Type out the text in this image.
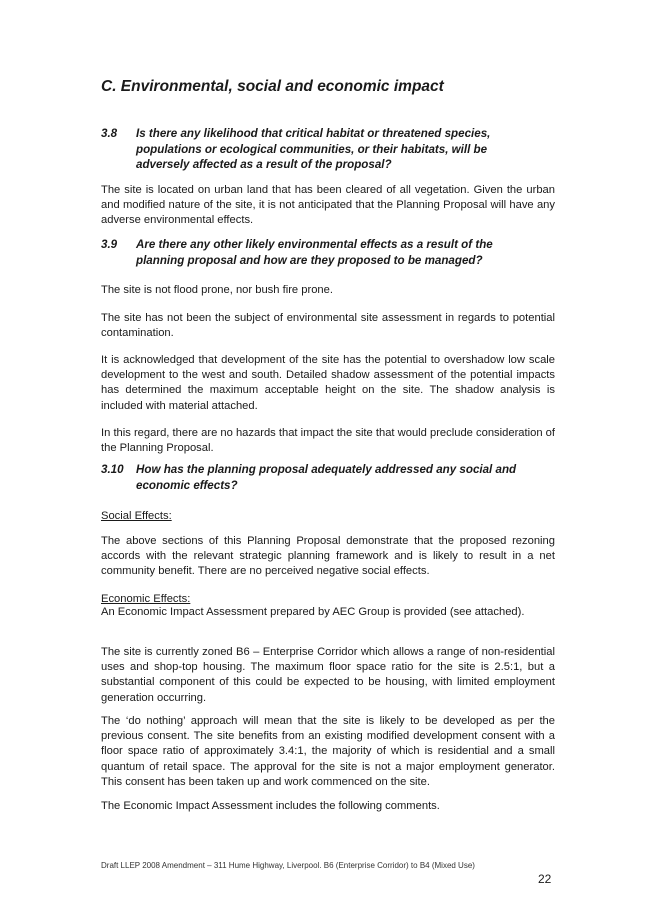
C. Environmental, social and economic impact
3.8	Is there any likelihood that critical habitat or threatened species, populations or ecological communities, or their habitats, will be adversely affected as a result of the proposal?

The site is located on urban land that has been cleared of all vegetation. Given the urban and modified nature of the site, it is not anticipated that the Planning Proposal will have any adverse environmental effects.

3.9	Are there any other likely environmental effects as a result of the planning proposal and how are they proposed to be managed?

The site is not flood prone, nor bush fire prone.

The site has not been the subject of environmental site assessment in regards to potential contamination.

It is acknowledged that development of the site has the potential to overshadow low scale development to the west and south. Detailed shadow assessment of the potential impacts has determined the maximum acceptable height on the site. The shadow analysis is included with material attached.

In this regard, there are no hazards that impact the site that would preclude consideration of the Planning Proposal.

3.10	How has the planning proposal adequately addressed any social and economic effects?

Social Effects:

The above sections of this Planning Proposal demonstrate that the proposed rezoning accords with the relevant strategic planning framework and is likely to result in a net community benefit. There are no perceived negative social effects.

Economic Effects:

An Economic Impact Assessment prepared by AEC Group is provided (see attached).

The site is currently zoned B6 – Enterprise Corridor which allows a range of non-residential uses and shop-top housing. The maximum floor space ratio for the site is 2.5:1, but a substantial component of this could be expected to be housing, with limited employment generation occurring.

The ‘do nothing’ approach will mean that the site is likely to be developed as per the previous consent. The site benefits from an existing modified development consent with a floor space ratio of approximately 3.4:1, the majority of which is residential and a small quantum of retail space. The approval for the site is not a major employment generator. This consent has been taken up and work commenced on the site.

The Economic Impact Assessment includes the following comments.

Draft LLEP 2008 Amendment – 311 Hume Highway, Liverpool. B6 (Enterprise Corridor) to B4 (Mixed Use)
22
